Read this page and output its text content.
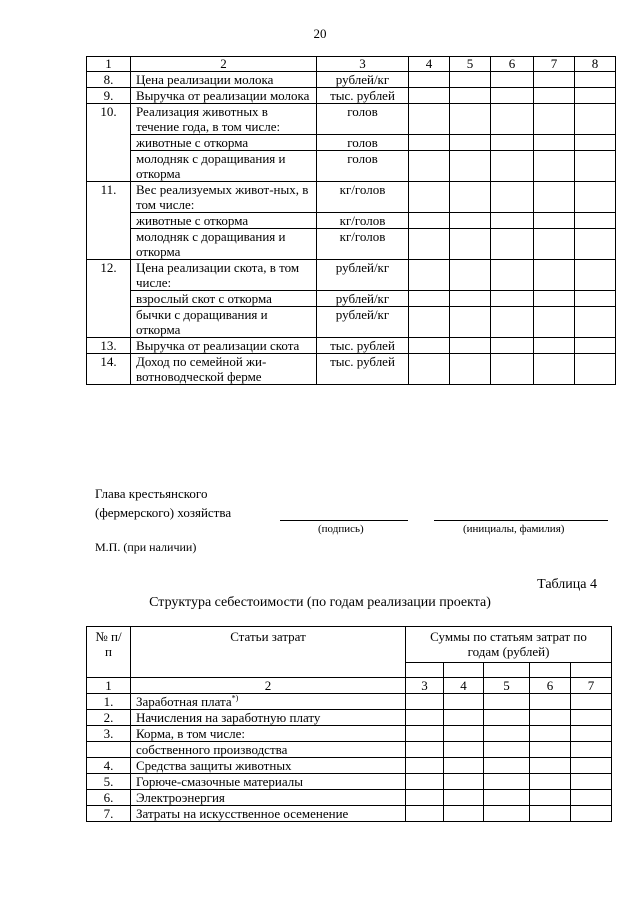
20
1	2	3	4	5	6	7	8
8.	Цена реализации молока	рублей/кг					
9.	Выручка от реализации молока	тыс. рублей					
10.	Реализация животных в течение года, в том числе:	голов					
	животные с откорма	голов					
	молодняк с доращивания и откорма	голов					
11.	Вес реализуемых живот-ных, в том числе:	кг/голов					
	животные с откорма	кг/голов					
	молодняк с доращивания и откорма	кг/голов					
12.	Цена реализации скота, в том числе:	рублей/кг					
	взрослый скот с откорма	рублей/кг					
	бычки с доращивания и откорма	рублей/кг					
13.	Выручка от реализации скота	тыс. рублей					
14.	Доход по семейной жи-вотноводческой ферме	тыс. рублей					
Глава крестьянского
(фермерского) хозяйства
(подпись)	(инициалы, фамилия)
М.П. (при наличии)
Таблица 4
Структура себестоимости (по годам реализации проекта)
№ п/п	Статьи затрат	Суммы по статьям затрат по годам (рублей)				

1	2	3	4	5	6	7
1.	Заработная плата*)					
2.	Начисления на заработную плату					
3.	Корма, в том числе:					
	собственного производства					
4.	Средства защиты животных					
5.	Горюче-смазочные материалы					
6.	Электроэнергия					
7.	Затраты на искусственное осеменение					
